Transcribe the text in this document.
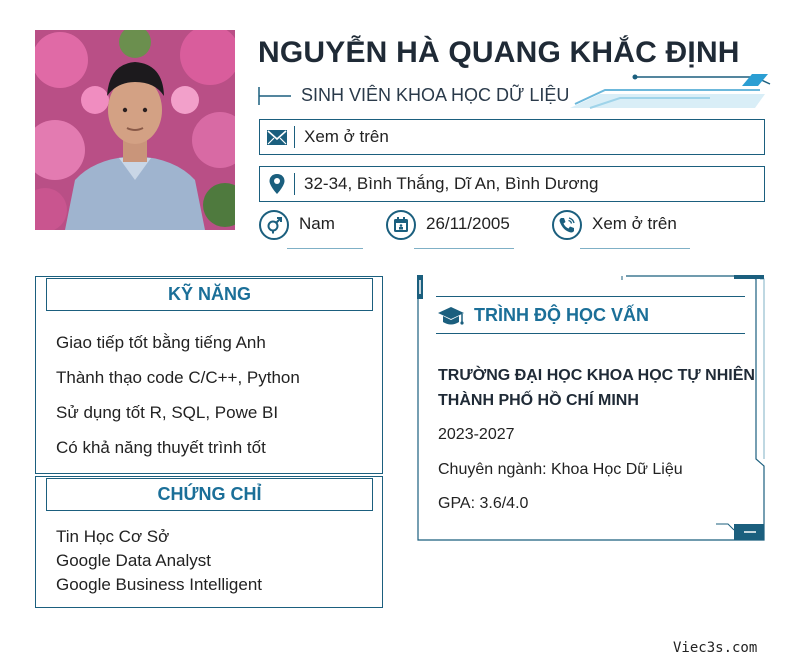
NGUYỄN HÀ QUANG KHẮC ĐỊNH
SINH VIÊN KHOA HỌC DỮ LIỆU
Xem ở trên
32-34, Bình Thắng, Dĩ An, Bình Dương
Nam	26/11/2005	Xem ở trên
KỸ NĂNG
Giao tiếp tốt bằng tiếng Anh
Thành thạo code C/C++, Python
Sử dụng tốt R, SQL, Powe BI
Có khả năng thuyết trình tốt
CHỨNG CHỈ
Tin Học Cơ Sở
Google Data Analyst
Google Business Intelligent
TRÌNH ĐỘ HỌC VẤN
TRƯỜNG ĐẠI HỌC KHOA HỌC TỰ NHIÊN THÀNH PHỐ HỒ CHÍ MINH
2023-2027
Chuyên ngành: Khoa Học Dữ Liệu
GPA: 3.6/4.0
Viec3s.com
